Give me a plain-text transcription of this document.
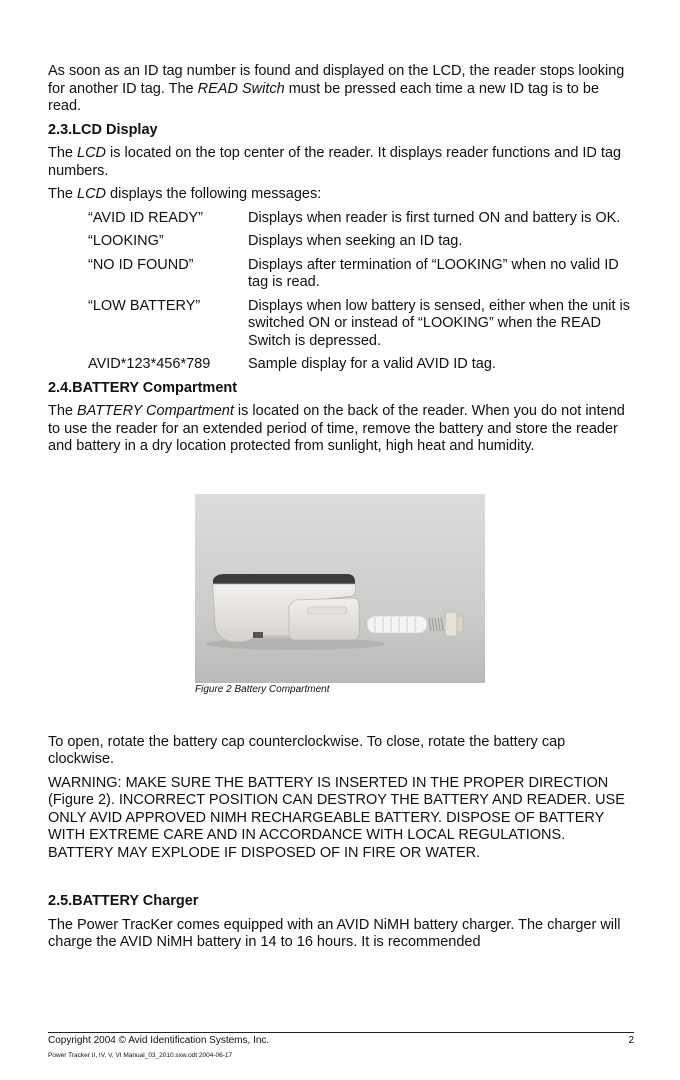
As soon as an ID tag number is found and displayed on the LCD, the reader stops looking for another ID tag. The READ Switch must be pressed each time a new ID tag is to be read.

2.3.LCD Display

The LCD is located on the top center of the reader. It displays reader functions and ID tag numbers.

The LCD displays the following messages:

“AVID ID READY”	Displays when reader is first turned ON and battery is OK.
“LOOKING”	Displays when seeking an ID tag.
“NO ID FOUND”	Displays after termination of “LOOKING” when no valid ID tag is read.
“LOW BATTERY”	Displays when low battery is sensed, either when the unit is switched ON or instead of “LOOKING” when the READ Switch is depressed.
AVID*123*456*789	Sample display for a valid AVID ID tag.
2.4.BATTERY Compartment

The BATTERY Compartment is located on the back of the reader. When you do not intend to use the reader for an extended period of time, remove the battery and store the reader and battery in a dry location protected from sunlight, high heat and humidity.

Figure 2 Battery Compartment

To open, rotate the battery cap counterclockwise. To close, rotate the battery cap clockwise.

WARNING: MAKE SURE THE BATTERY IS INSERTED IN THE PROPER DIRECTION (Figure 2). INCORRECT POSITION CAN DESTROY THE BATTERY AND READER. USE ONLY AVID APPROVED NIMH RECHARGEABLE BATTERY. DISPOSE OF BATTERY WITH EXTREME CARE AND IN ACCORDANCE WITH LOCAL REGULATIONS. BATTERY MAY EXPLODE IF DISPOSED OF IN FIRE OR WATER.

2.5.BATTERY Charger

The Power TracKer comes equipped with an AVID NiMH battery charger. The charger will charge the AVID NiMH battery in 14 to 16 hours. It is recommended

Copyright 2004 © Avid Identification Systems, Inc.	2
Power Tracker II, IV, V, VI Manual_03_2010.sxw.odt 2004-06-17
